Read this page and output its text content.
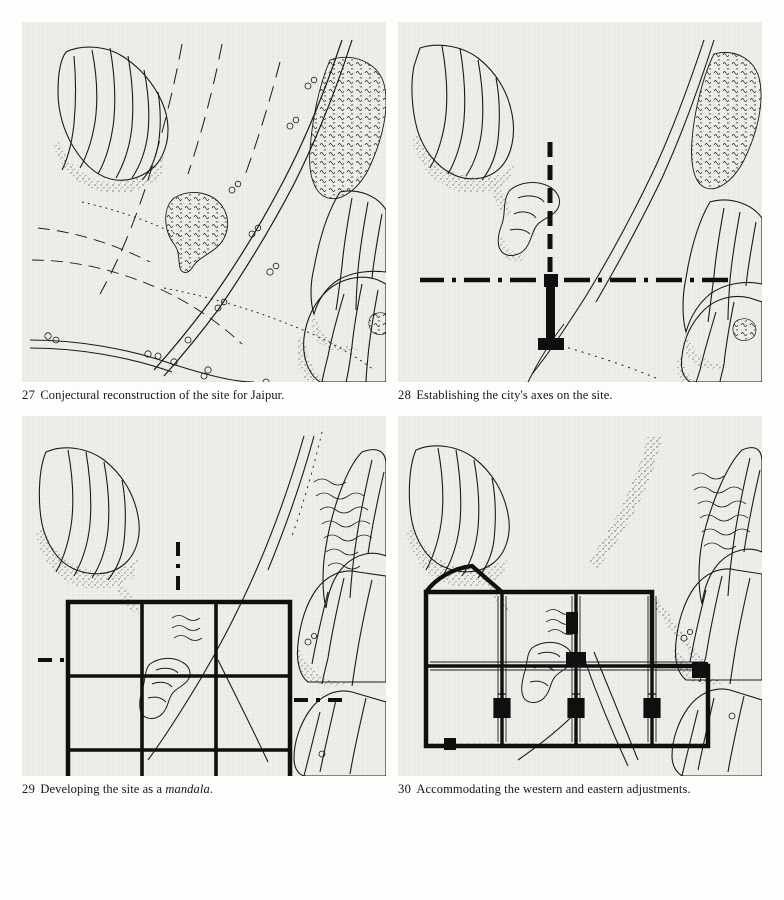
27 Conjectural reconstruction of the site for Jaipur.	28 Establishing the city's axes on the site.
29 Developing the site as a mandala.	30 Accommodating the western and eastern adjustments.
